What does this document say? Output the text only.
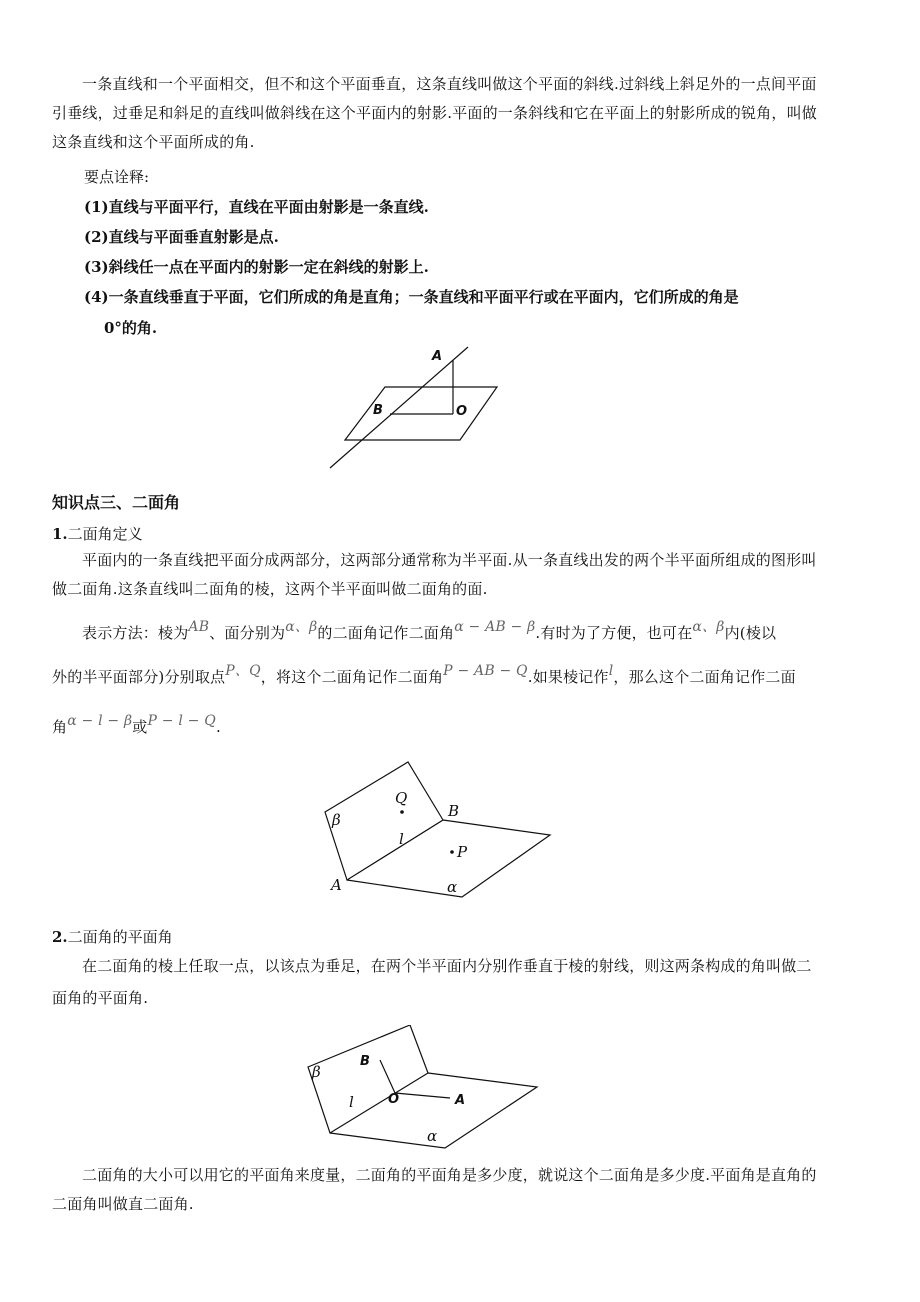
一条直线和一个平面相交，但不和这个平面垂直，这条直线叫做这个平面的斜线.过斜线上斜足外的一点间平面
引垂线，过垂足和斜足的直线叫做斜线在这个平面内的射影.平面的一条斜线和它在平面上的射影所成的锐角，叫做
这条直线和这个平面所成的角.
要点诠释:
(1)直线与平面平行，直线在平面由射影是一条直线.
(2)直线与平面垂直射影是点.
(3)斜线任一点在平面内的射影一定在斜线的射影上.
(4)一条直线垂直于平面，它们所成的角是直角；一条直线和平面平行或在平面内，它们所成的角是
0°的角.
A
B	O
知识点三、二面角
1.二面角定义
平面内的一条直线把平面分成两部分，这两部分通常称为半平面.从一条直线出发的两个半平面所组成的图形叫
做二面角.这条直线叫二面角的棱，这两个半平面叫做二面角的面.
表示方法：棱为AB、面分别为α、β的二面角记作二面角α − AB − β.有时为了方便，也可在α、β内(棱以
外的半平面部分)分别取点P、Q，将这个二面角记作二面角P − AB − Q.如果棱记作l，那么这个二面角记作二面
角α − l − β或P − l − Q.
Q
B
β
l
P
A	α
2.二面角的平面角
在二面角的棱上任取一点，以该点为垂足，在两个半平面内分别作垂直于棱的射线，则这两条构成的角叫做二
面角的平面角.
B
β
l	O	A
α
二面角的大小可以用它的平面角来度量，二面角的平面角是多少度，就说这个二面角是多少度.平面角是直角的
二面角叫做直二面角.
